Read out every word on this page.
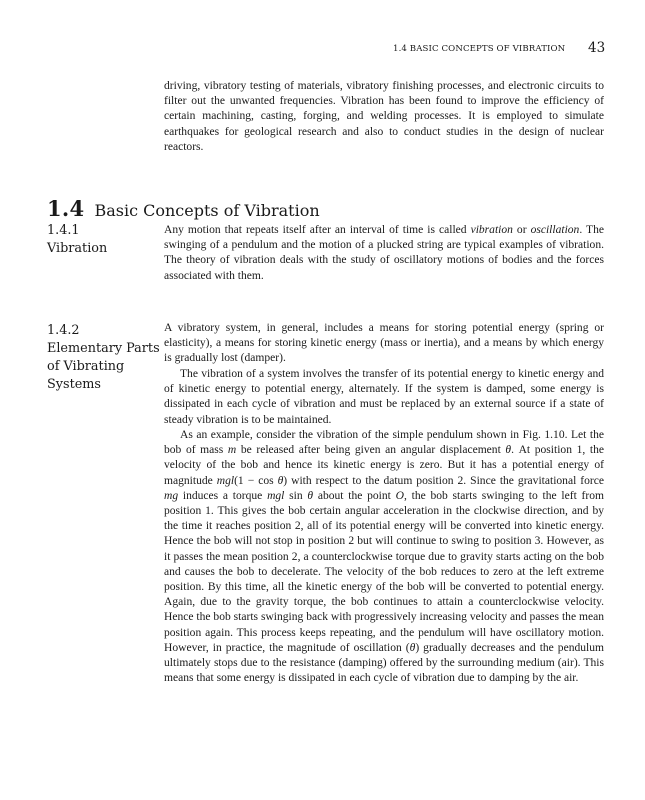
1.4 BASIC CONCEPTS OF VIBRATION 43

driving, vibratory testing of materials, vibratory finishing processes, and electronic circuits to filter out the unwanted frequencies. Vibration has been found to improve the efficiency of certain machining, casting, forging, and welding processes. It is employed to simulate earthquakes for geological research and also to conduct studies in the design of nuclear reactors.

1.4 Basic Concepts of Vibration
1.4.1
Vibration

Any motion that repeats itself after an interval of time is called vibration or oscillation. The swinging of a pendulum and the motion of a plucked string are typical examples of vibration. The theory of vibration deals with the study of oscillatory motions of bodies and the forces associated with them.

1.4.2
Elementary Parts
of Vibrating
Systems

A vibratory system, in general, includes a means for storing potential energy (spring or elasticity), a means for storing kinetic energy (mass or inertia), and a means by which energy is gradually lost (damper).

The vibration of a system involves the transfer of its potential energy to kinetic energy and of kinetic energy to potential energy, alternately. If the system is damped, some energy is dissipated in each cycle of vibration and must be replaced by an external source if a state of steady vibration is to be maintained.

As an example, consider the vibration of the simple pendulum shown in Fig. 1.10. Let the bob of mass m be released after being given an angular displacement θ. At position 1, the velocity of the bob and hence its kinetic energy is zero. But it has a potential energy of magnitude mgl(1 − cos θ) with respect to the datum position 2. Since the gravitational force mg induces a torque mgl sin θ about the point O, the bob starts swinging to the left from position 1. This gives the bob certain angular acceleration in the clockwise direction, and by the time it reaches position 2, all of its potential energy will be converted into kinetic energy. Hence the bob will not stop in position 2 but will continue to swing to position 3. However, as it passes the mean position 2, a counterclockwise torque due to gravity starts acting on the bob and causes the bob to decelerate. The velocity of the bob reduces to zero at the left extreme position. By this time, all the kinetic energy of the bob will be converted to potential energy. Again, due to the gravity torque, the bob continues to attain a counterclockwise velocity. Hence the bob starts swinging back with progressively increasing velocity and passes the mean position again. This process keeps repeating, and the pendulum will have oscillatory motion. However, in practice, the magnitude of oscillation (θ) gradually decreases and the pendulum ultimately stops due to the resistance (damping) offered by the surrounding medium (air). This means that some energy is dissipated in each cycle of vibration due to damping by the air.
